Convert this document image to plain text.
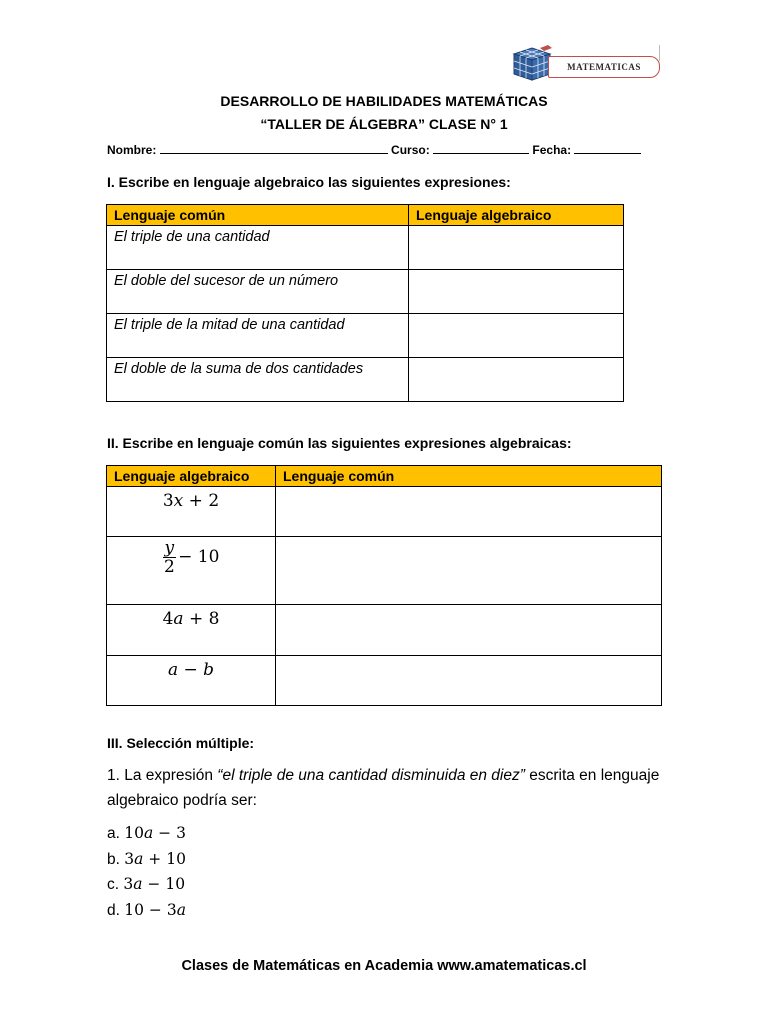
MATEMATICAS
DESARROLLO DE HABILIDADES MATEMÁTICAS
“TALLER DE ÁLGEBRA” CLASE N° 1
Nombre:	Curso:	Fecha:
I. Escribe en lenguaje algebraico las siguientes expresiones:
Lenguaje común	Lenguaje algebraico
El triple de una cantidad	
El doble del sucesor de un número	
El triple de la mitad de una cantidad	
El doble de la suma de dos cantidades	
II. Escribe en lenguaje común las siguientes expresiones algebraicas:
Lenguaje algebraico	Lenguaje común
3x + 2	

$\frac{y}{2} - 10$	
4a + 8	
a − b	
III. Selección múltiple:
1. La expresión “el triple de una cantidad disminuida en diez” escrita en lenguaje algebraico podría ser:
a. 10a − 3
b. 3a + 10
c. 3a − 10
d. 10 − 3a
Clases de Matemáticas en Academia www.amatematicas.cl
